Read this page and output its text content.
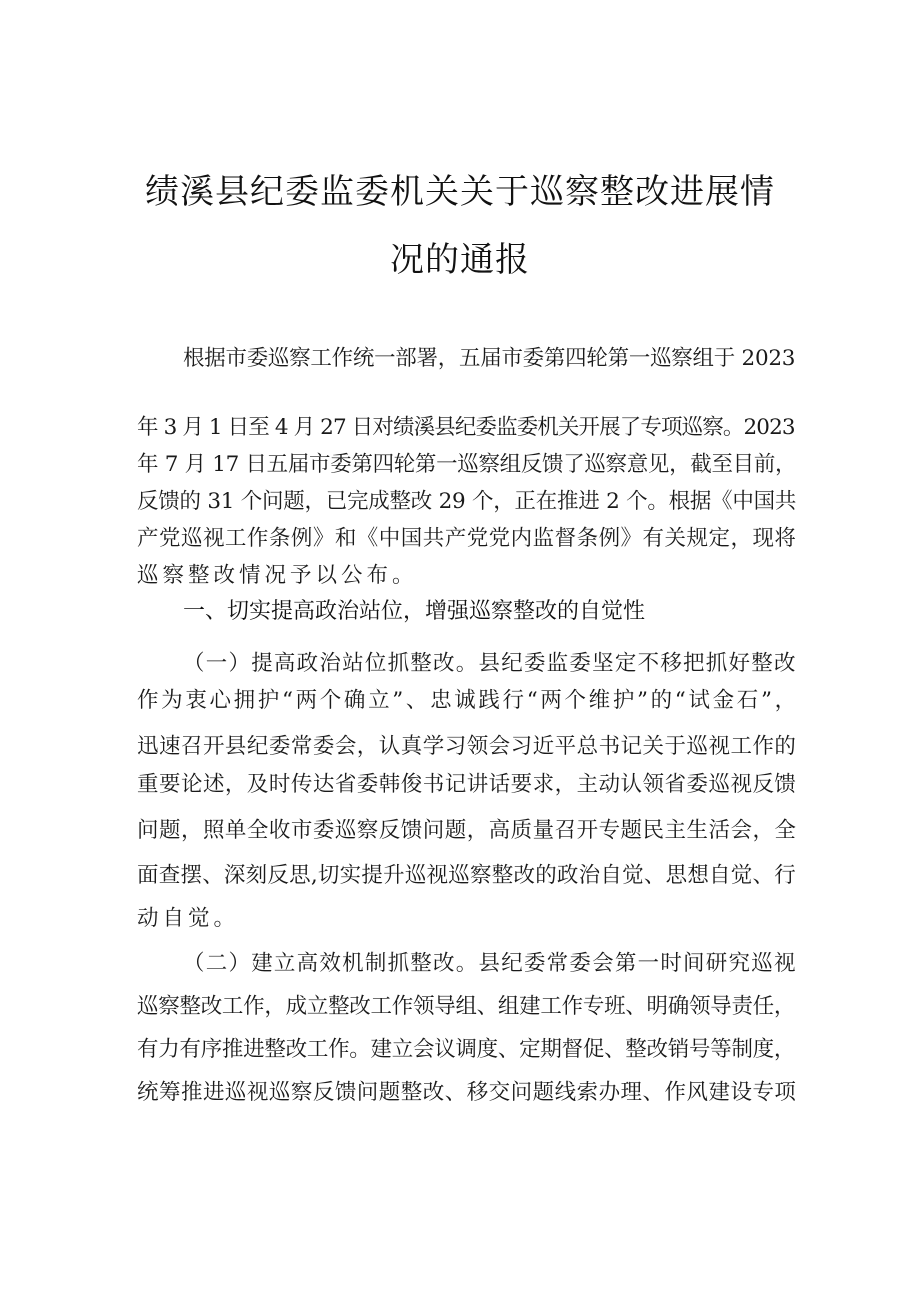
绩溪县纪委监委机关关于巡察整改进展情
况的通报
根据市委巡察工作统一部署，五届市委第四轮第一巡察组于 2023
年 3 月 1 日至 4 月 27 日对绩溪县纪委监委机关开展了专项巡察。2023
年 7 月 17 日五届市委第四轮第一巡察组反馈了巡察意见，截至目前，
反馈的 31 个问题，已完成整改 29 个，正在推进 2 个。根据《中国共
产党巡视工作条例》和《中国共产党党内监督条例》有关规定，现将
巡察整改情况予以公布。
一、切实提高政治站位，增强巡察整改的自觉性
（一）提高政治站位抓整改。县纪委监委坚定不移把抓好整改
作为衷心拥护“两个确立”、忠诚践行“两个维护”的“试金石”，
迅速召开县纪委常委会，认真学习领会习近平总书记关于巡视工作的
重要论述，及时传达省委韩俊书记讲话要求，主动认领省委巡视反馈
问题，照单全收市委巡察反馈问题，高质量召开专题民主生活会，全
面查摆、深刻反思,切实提升巡视巡察整改的政治自觉、思想自觉、行
动自觉。
（二）建立高效机制抓整改。县纪委常委会第一时间研究巡视
巡察整改工作，成立整改工作领导组、组建工作专班、明确领导责任，
有力有序推进整改工作。建立会议调度、定期督促、整改销号等制度，
统筹推进巡视巡察反馈问题整改、移交问题线索办理、作风建设专项
